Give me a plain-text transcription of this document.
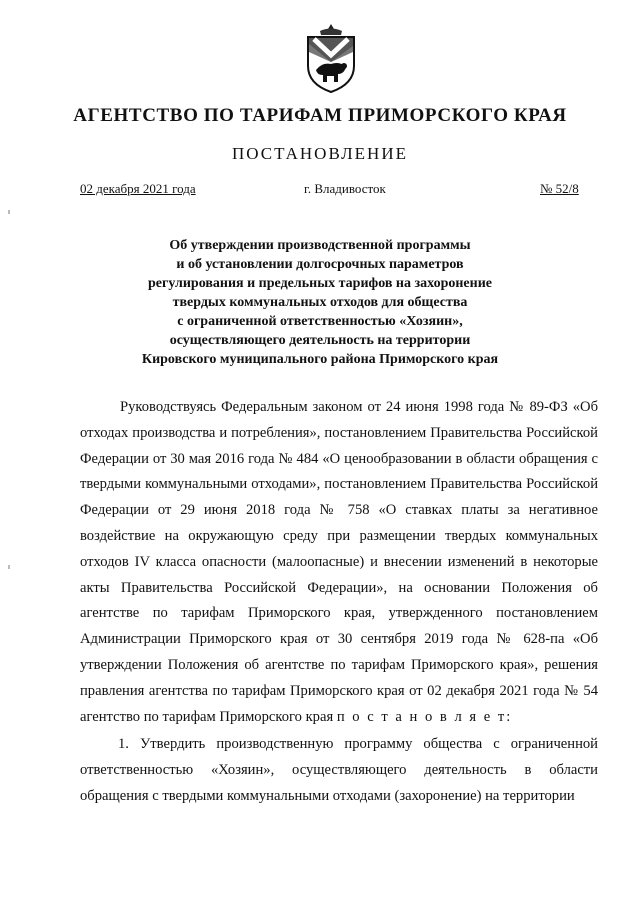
АГЕНТСТВО ПО ТАРИФАМ ПРИМОРСКОГО КРАЯ
ПОСТАНОВЛЕНИЕ
02 декабря 2021 года	г. Владивосток	№ 52/8
Об утверждении производственной программы
и об установлении долгосрочных параметров
регулирования и предельных тарифов на захоронение
твердых коммунальных отходов для общества
с ограниченной ответственностью «Хозяин»,
осуществляющего деятельность на территории
Кировского муниципального района Приморского края

Руководствуясь Федеральным законом от 24 июня 1998 года № 89-ФЗ «Об отходах производства и потребления», постановлением Правительства Российской Федерации от 30 мая 2016 года № 484 «О ценообразовании в области обращения с твердыми коммунальными отходами», постановлением Правительства Российской Федерации от 29 июня 2018 года № 758 «О ставках платы за негативное воздействие на окружающую среду при размещении твердых коммунальных отходов IV класса опасности (малоопасные) и внесении изменений в некоторые акты Правительства Российской Федерации», на основании Положения об агентстве по тарифам Приморского края, утвержденного постановлением Администрации Приморского края от 30 сентября 2019 года № 628-па «Об утверждении Положения об агентстве по тарифам Приморского края», решения правления агентства по тарифам Приморского края от 02 декабря 2021 года № 54 агентство по тарифам Приморского края п о с т а н о в л я е т:

1. Утвердить производственную программу общества с ограниченной ответственностью «Хозяин», осуществляющего деятельность в области обращения с твердыми коммунальными отходами (захоронение) на территории
